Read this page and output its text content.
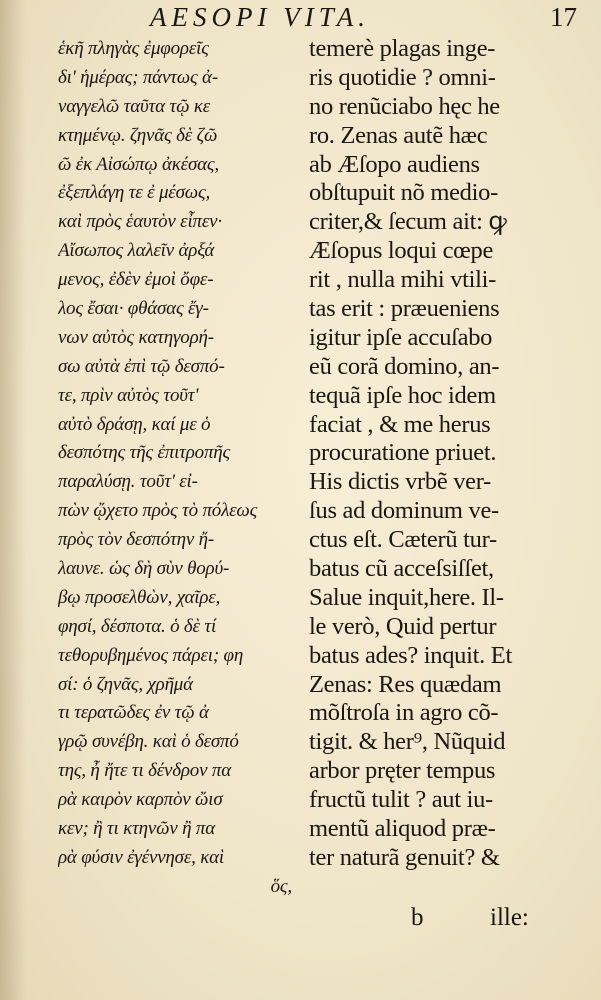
AESOPI VITA.	17
ἑκῆ πληγὰς ἐμφορεῖς
δι' ἡμέρας; πάντως ἀ-
ναγγελῶ ταῦτα τῷ κε
κτημένῳ. ζηνᾶς δὲ ζῶ
ῶ ἐκ Αἰσώπῳ ἀκέσας,
ἐξεπλάγη τε ἐ μέσως,
καὶ πρὸς ἑαυτὸν εἶπεν·
Αἴσωπος λαλεῖν ἀρξά
μενος, ἐδὲν ἐμοὶ ὄφε-
λος ἔσαι· φθάσας ἔγ-
νων αὐτὸς κατηγορή-
σω αὐτὰ ἐπὶ τῷ δεσπό-
τε, πρὶν αὐτὸς τοῦτ'
αὐτὸ δράσῃ, καί με ὁ
δεσπότης τῆς ἐπιτροπῆς
παραλύσῃ. τοῦτ' εἰ-
πὼν ᾤχετο πρὸς τὸ πόλεως
πρὸς τὸν δεσπότην ἤ-
λαυνε. ὡς δὴ σὺν θορύ-
βῳ προσελθὼν, χαῖρε,
φησί, δέσποτα. ὁ δὲ τί
τεθορυβημένος πάρει; φη
σί: ὁ ζηνᾶς, χρῆμά
τι τερατῶδες ἐν τῷ ἀ
γρῷ συνέβη. καὶ ὁ δεσπό
της, ἦ ἤτε τι δένδρον πα
ρὰ καιρὸν καρπὸν ὤισ
κεν; ἢ τι κτηνῶν ἢ πα
ρὰ φύσιν ἐγέννησε, καὶ
ὅς,
temerè plagas inge-
ris quotidie ? omni-
no renũciabo hęc he
ro. Zenas autẽ hæc
ab Æſopo audiens
obſtupuit nõ medio-
criter,& ſecum ait: ꝙ
Æſopus loqui cœpe
rit , nulla mihi vtili-
tas erit : præueniens
igitur ipſe accuſabo
eũ corã domino, an-
tequã ipſe hoc idem
faciat , & me herus
procuratione priuet.
His dictis vrbẽ ver-
ſus ad dominum ve-
ctus eſt. Cæterũ tur-
batus cũ acceſsiſſet,
Salue inquit,here. Il-
le verò, Quid pertur
batus ades? inquit. Et
Zenas: Res quædam
mõſtroſa in agro cõ-
tigit. & her⁹, Nũquid
arbor pręter tempus
fructũ tulit ? aut iu-
mentũ aliquod præ-
ter naturã genuit? &
b	ille:
